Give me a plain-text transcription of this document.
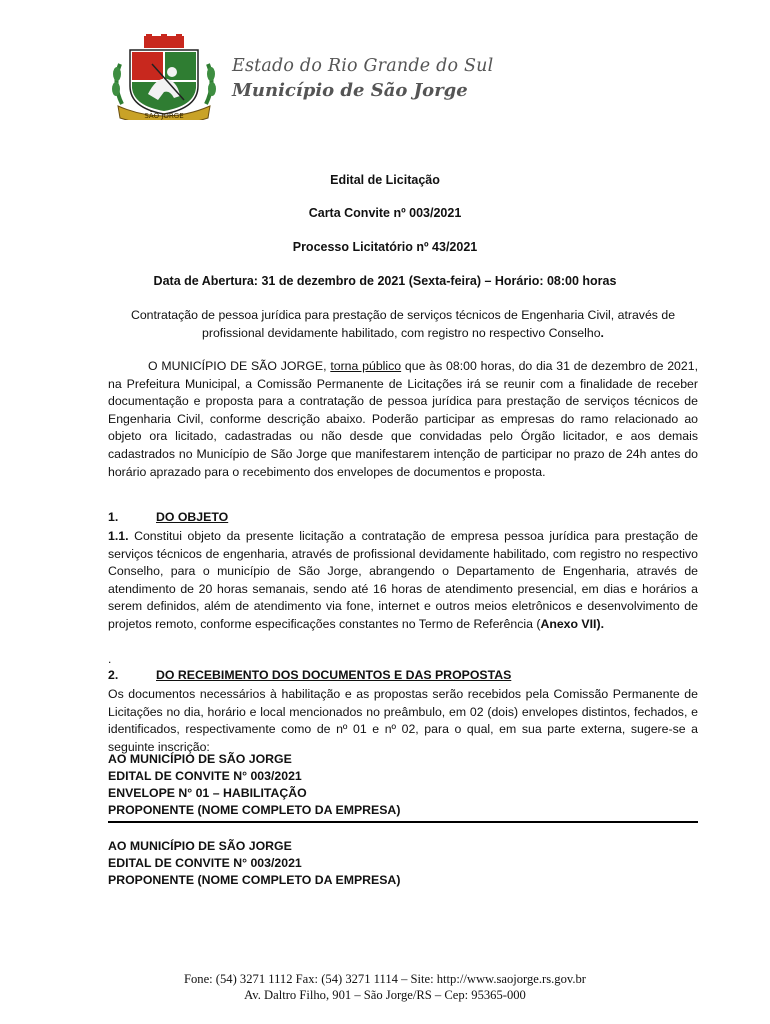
SÃO JORGE
Estado do Rio Grande do Sul
Município de São Jorge
Edital de Licitação
Carta Convite nº 003/2021
Processo Licitatório nº 43/2021
Data de Abertura: 31 de dezembro de 2021 (Sexta-feira) – Horário: 08:00 horas
Contratação de pessoa jurídica para prestação de serviços técnicos de Engenharia Civil, através de profissional devidamente habilitado, com registro no respectivo Conselho.

O MUNICÍPIO DE SÃO JORGE, torna público que às 08:00 horas, do dia 31 de dezembro de 2021, na Prefeitura Municipal, a Comissão Permanente de Licitações irá se reunir com a finalidade de receber documentação e proposta para a contratação de pessoa jurídica para prestação de serviços técnicos de Engenharia Civil, conforme descrição abaixo. Poderão participar as empresas do ramo relacionado ao objeto ora licitado, cadastradas ou não desde que convidadas pelo Órgão licitador, e aos demais cadastrados no Município de São Jorge que manifestarem intenção de participar no prazo de 24h antes do horário aprazado para o recebimento dos envelopes de documentos e proposta.

1.	DO OBJETO

1.1. Constitui objeto da presente licitação a contratação de empresa pessoa jurídica para prestação de serviços técnicos de engenharia, através de profissional devidamente habilitado, com registro no respectivo Conselho, para o município de São Jorge, abrangendo o Departamento de Engenharia, através de atendimento de 20 horas semanais, sendo até 16 horas de atendimento presencial, em dias e horários a serem definidos, além de atendimento via fone, internet e outros meios eletrônicos e desenvolvimento de projetos remoto, conforme especificações constantes no Termo de Referência (Anexo VII).

.
2.	DO RECEBIMENTO DOS DOCUMENTOS E DAS PROPOSTAS

Os documentos necessários à habilitação e as propostas serão recebidos pela Comissão Permanente de Licitações no dia, horário e local mencionados no preâmbulo, em 02 (dois) envelopes distintos, fechados, e identificados, respectivamente como de nº 01 e nº 02, para o qual, em sua parte externa, sugere-se a seguinte inscrição:

AO MUNICÍPIO DE SÃO JORGE
EDITAL DE CONVITE N° 003/2021
ENVELOPE N° 01 – HABILITAÇÃO
PROPONENTE (NOME COMPLETO DA EMPRESA)
AO MUNICÍPIO DE SÃO JORGE
EDITAL DE CONVITE N° 003/2021
PROPONENTE (NOME COMPLETO DA EMPRESA)
Fone: (54) 3271 1112 Fax: (54) 3271 1114 – Site: http://www.saojorge.rs.gov.br
Av. Daltro Filho, 901 – São Jorge/RS – Cep: 95365-000
